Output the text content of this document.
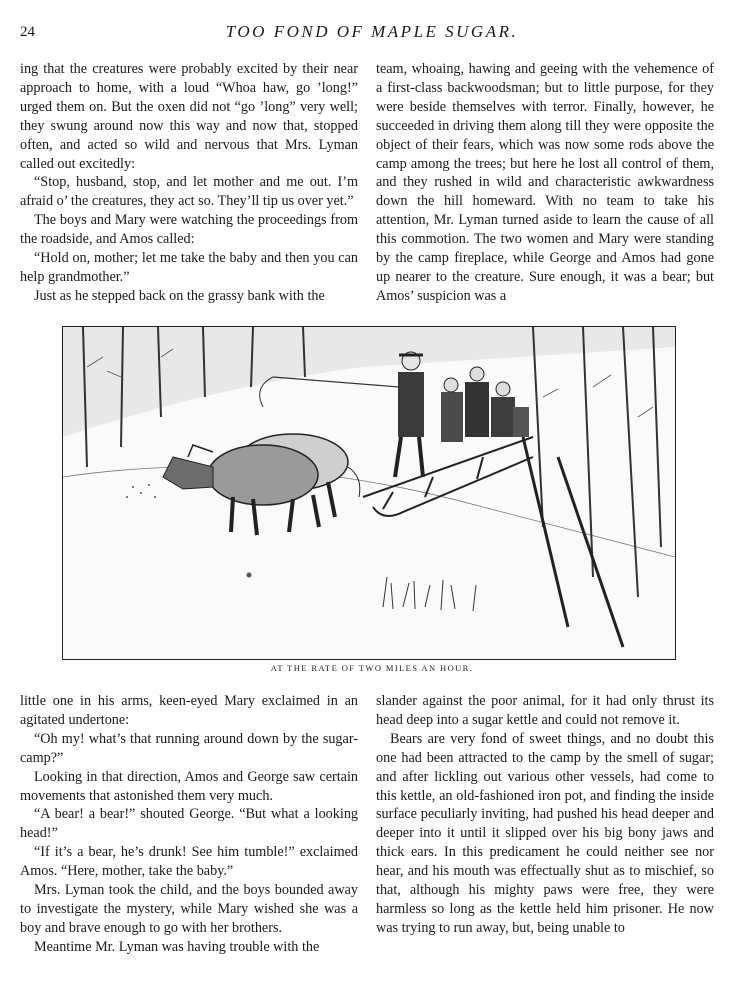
24	TOO FOND OF MAPLE SUGAR.

ing that the creatures were probably excited by their near approach to home, with a loud “Whoa haw, go ’long!” urged them on. But the oxen did not “go ’long” very well; they swung around now this way and now that, stopped often, and acted so wild and nervous that Mrs. Lyman called out excitedly:

“Stop, husband, stop, and let mother and me out. I’m afraid o’ the creatures, they act so. They’ll tip us over yet.”

The boys and Mary were watching the proceedings from the roadside, and Amos called:

“Hold on, mother; let me take the baby and then you can help grandmother.”

Just as he stepped back on the grassy bank with the

team, whoaing, hawing and geeing with the vehemence of a first-class backwoodsman; but to little purpose, for they were beside themselves with terror. Finally, however, he succeeded in driving them along till they were opposite the object of their fears, which was now some rods above the camp among the trees; but here he lost all control of them, and they rushed in wild and characteristic awkwardness down the hill homeward. With no team to take his attention, Mr. Lyman turned aside to learn the cause of all this commotion. The two women and Mary were standing by the camp fireplace, while George and Amos had gone up nearer to the creature. Sure enough, it was a bear; but Amos’ suspicion was a

AT THE RATE OF TWO MILES AN HOUR.

little one in his arms, keen-eyed Mary exclaimed in an agitated undertone:

“Oh my! what’s that running around down by the sugar-camp?”

Looking in that direction, Amos and George saw certain movements that astonished them very much.

“A bear! a bear!” shouted George. “But what a looking head!”

“If it’s a bear, he’s drunk! See him tumble!” exclaimed Amos. “Here, mother, take the baby.”

Mrs. Lyman took the child, and the boys bounded away to investigate the mystery, while Mary wished she was a boy and brave enough to go with her brothers.

Meantime Mr. Lyman was having trouble with the

slander against the poor animal, for it had only thrust its head deep into a sugar kettle and could not remove it.

Bears are very fond of sweet things, and no doubt this one had been attracted to the camp by the smell of sugar; and after lickling out various other vessels, had come to this kettle, an old-fashioned iron pot, and finding the inside surface peculiarly inviting, had pushed his head deeper and deeper into it until it slipped over his big bony jaws and thick ears. In this predicament he could neither see nor hear, and his mouth was effectually shut as to mischief, so that, although his mighty paws were free, they were harmless so long as the kettle held him prisoner. He now was trying to run away, but, being unable to
